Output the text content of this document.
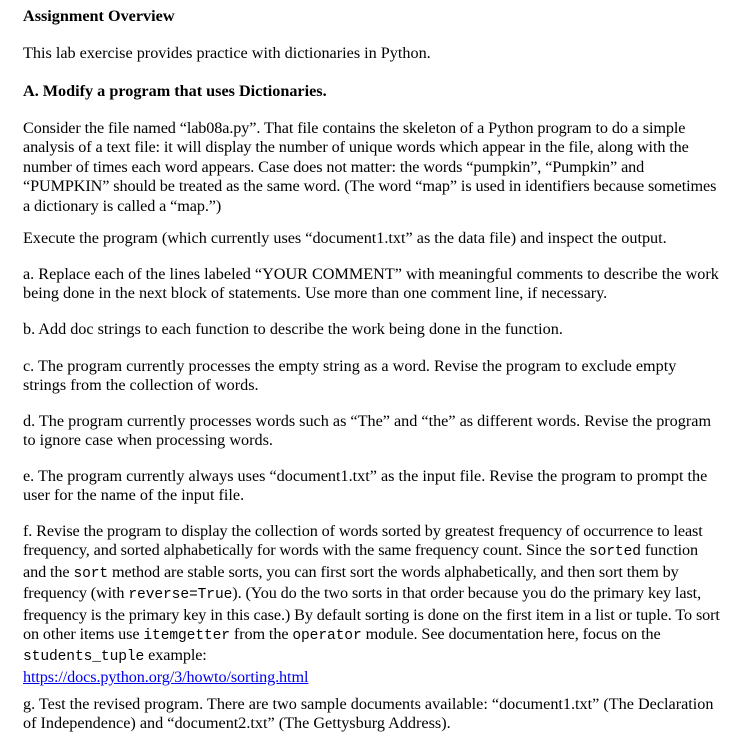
Assignment Overview

This lab exercise provides practice with dictionaries in Python.

A. Modify a program that uses Dictionaries.

Consider the file named “lab08a.py”. That file contains the skeleton of a Python program to do a simple analysis of a text file: it will display the number of unique words which appear in the file, along with the number of times each word appears. Case does not matter: the words “pumpkin”, “Pumpkin” and “PUMPKIN” should be treated as the same word. (The word “map” is used in identifiers because sometimes a dictionary is called a “map.”)

Execute the program (which currently uses “document1.txt” as the data file) and inspect the output.

a. Replace each of the lines labeled “YOUR COMMENT” with meaningful comments to describe the work being done in the next block of statements. Use more than one comment line, if necessary.

b. Add doc strings to each function to describe the work being done in the function.

c. The program currently processes the empty string as a word. Revise the program to exclude empty strings from the collection of words.

d. The program currently processes words such as “The” and “the” as different words. Revise the program to ignore case when processing words.

e. The program currently always uses “document1.txt” as the input file. Revise the program to prompt the user for the name of the input file.

f. Revise the program to display the collection of words sorted by greatest frequency of occurrence to least frequency, and sorted alphabetically for words with the same frequency count. Since the sorted function and the sort method are stable sorts, you can first sort the words alphabetically, and then sort them by frequency (with reverse=True). (You do the two sorts in that order because you do the primary key last, frequency is the primary key in this case.) By default sorting is done on the first item in a list or tuple. To sort on other items use itemgetter from the operator module. See documentation here, focus on the students_tuple example:
https://docs.python.org/3/howto/sorting.html

g. Test the revised program. There are two sample documents available: “document1.txt” (The Declaration of Independence) and “document2.txt” (The Gettysburg Address).
